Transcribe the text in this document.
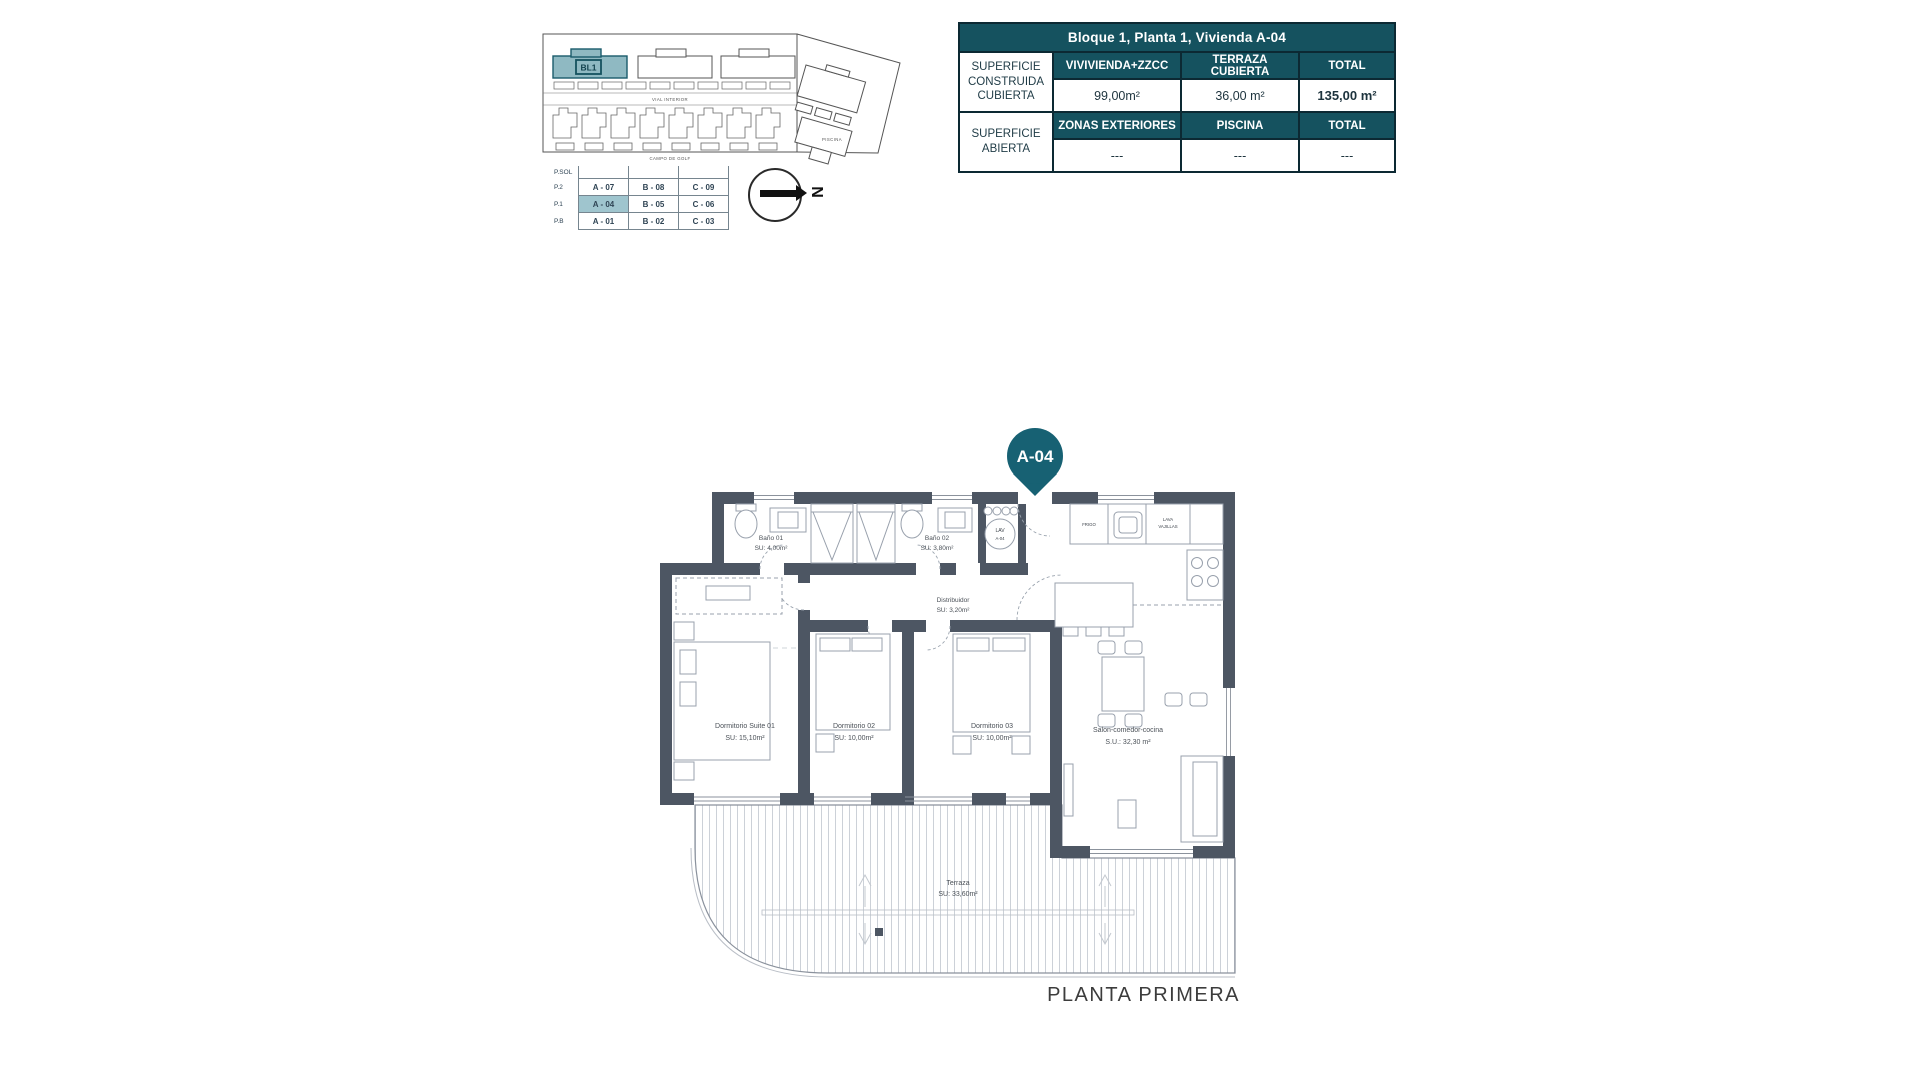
VIAL INTERIOR
BL1
CAMPO DE GOLF
PISCINA
P.SOL			
P.2	A - 07	B - 08	C - 09
P.1	A - 04	B - 05	C - 06
P.B	A - 01	B - 02	C - 03
N
Bloque 1, Planta 1, Vivienda A-04			
SUPERFICIE CONSTRUIDA CUBIERTA	VIVIVIENDA+ZZCC	TERRAZA CUBIERTA	TOTAL
	99,00m²	36,00 m²	135,00 m²
SUPERFICIE ABIERTA	ZONAS EXTERIORES	PISCINA	TOTAL
	---	---	---
Terraza
SU: 33,60m²
Baño 01
SU: 4,00m²
Baño 02
SU: 3,80m²
LAV
A-04
Distribuidor
SU: 3,20m²
FRIGO
LAVA
VAJILLAS
Dormitorio Suite 01
SU: 15,10m²
Dormitorio 02
SU: 10,00m²
Dormitorio 03
SU: 10,00m²
Salon-comedor-cocina
S.U.: 32,30 m²
A-04
PLANTA PRIMERA
